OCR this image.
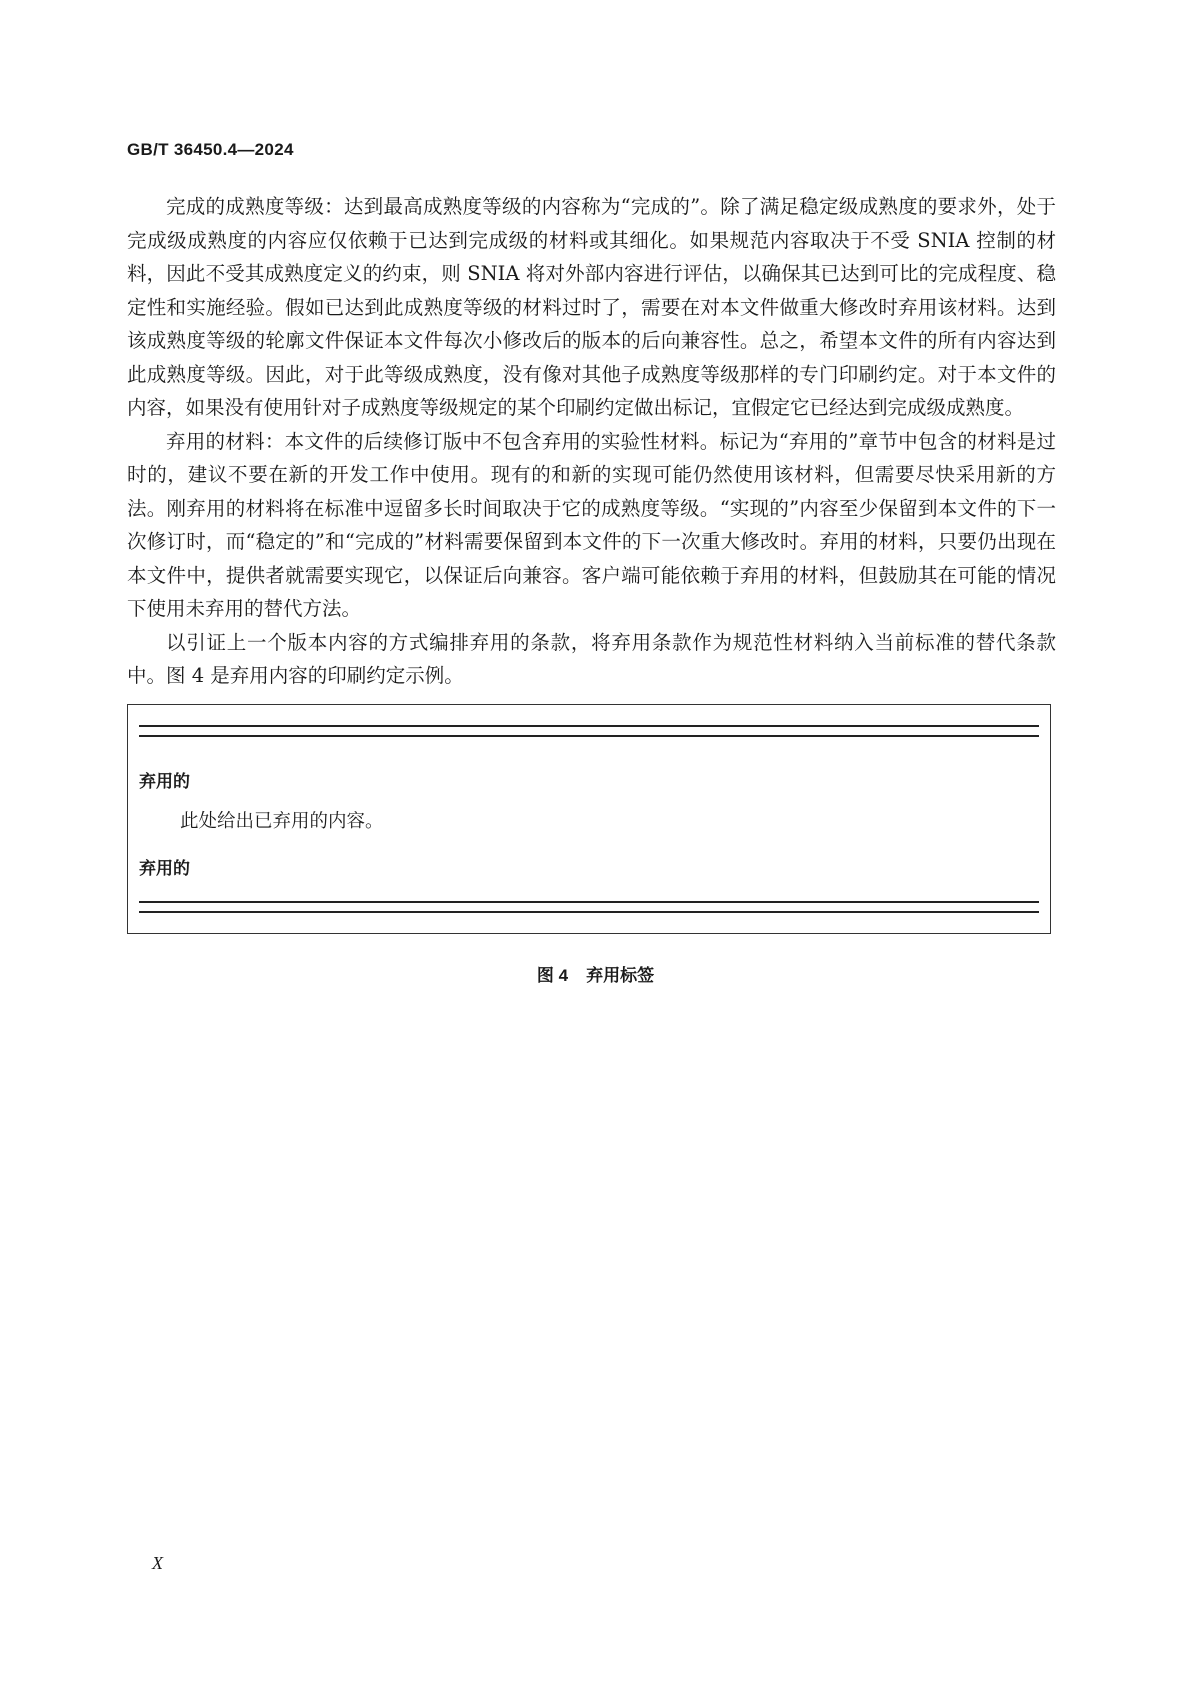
GB/T 36450.4—2024

完成的成熟度等级：达到最高成熟度等级的内容称为“完成的”。除了满足稳定级成熟度的要求外，处于完成级成熟度的内容应仅依赖于已达到完成级的材料或其细化。如果规范内容取决于不受 SNIA 控制的材料，因此不受其成熟度定义的约束，则 SNIA 将对外部内容进行评估，以确保其已达到可比的完成程度、稳定性和实施经验。假如已达到此成熟度等级的材料过时了，需要在对本文件做重大修改时弃用该材料。达到该成熟度等级的轮廓文件保证本文件每次小修改后的版本的后向兼容性。总之，希望本文件的所有内容达到此成熟度等级。因此，对于此等级成熟度，没有像对其他子成熟度等级那样的专门印刷约定。对于本文件的内容，如果没有使用针对子成熟度等级规定的某个印刷约定做出标记，宜假定它已经达到完成级成熟度。

弃用的材料：本文件的后续修订版中不包含弃用的实验性材料。标记为“弃用的”章节中包含的材料是过时的，建议不要在新的开发工作中使用。现有的和新的实现可能仍然使用该材料，但需要尽快采用新的方法。刚弃用的材料将在标准中逗留多长时间取决于它的成熟度等级。“实现的”内容至少保留到本文件的下一次修订时，而“稳定的”和“完成的”材料需要保留到本文件的下一次重大修改时。弃用的材料，只要仍出现在本文件中，提供者就需要实现它，以保证后向兼容。客户端可能依赖于弃用的材料，但鼓励其在可能的情况下使用未弃用的替代方法。

以引证上一个版本内容的方式编排弃用的条款，将弃用条款作为规范性材料纳入当前标准的替代条款中。图 4 是弃用内容的印刷约定示例。

弃用的
此处给出已弃用的内容。
弃用的
图 4 弃用标签
X
